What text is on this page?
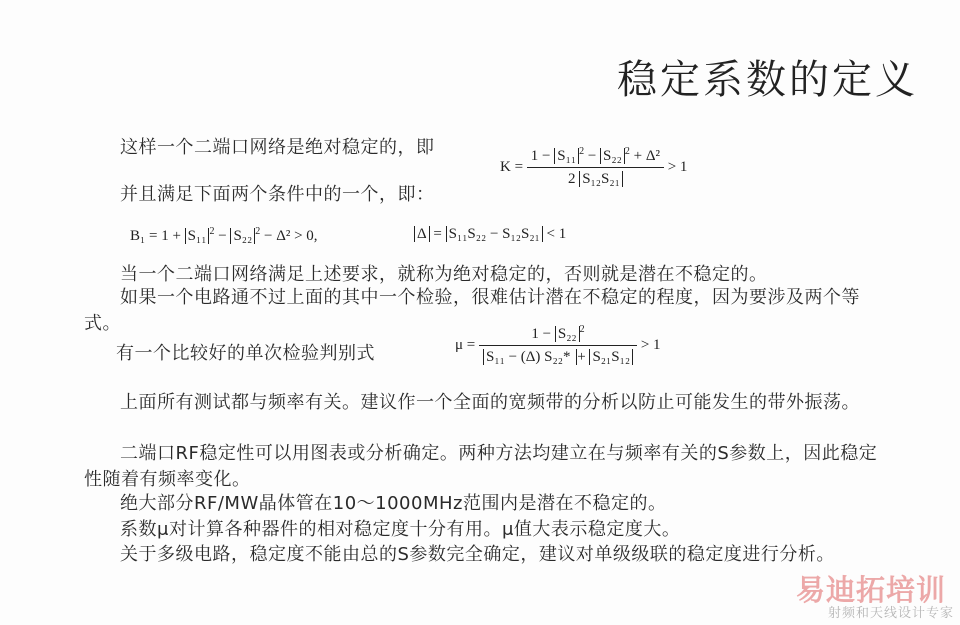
稳定系数的定义
这样一个二端口网络是绝对稳定的，即
$K = \frac{1 - S_{11} ^2 - S_{22} ^2 + \Delta^2}{\text{2 S₁₂S₂₁}} > 1$
并且满足下面两个条件中的一个，即：
B₁ = 1 + S₁₁ $^2$ − S₂₂ $^2$ − Δ² > 0,	Δ = S₁₁S₂₂ − S₁₂S₂₁ < 1
当一个二端口网络满足上述要求，就称为绝对稳定的，否则就是潜在不稳定的。
如果一个电路通不过上面的其中一个检验，很难估计潜在不稳定的程度，因为要涉及两个等式。
有一个比较好的单次检验判别式	μ =
1 − S₂₂ $^2$
S₁₁ − (Δ) S₂₂* + S₂₁S₁₂
> 1
上面所有测试都与频率有关。建议作一个全面的宽频带的分析以防止可能发生的带外振荡。
二端口RF稳定性可以用图表或分析确定。两种方法均建立在与频率有关的S参数上，因此稳定性随着有频率变化。
绝大部分RF/MW晶体管在10～1000MHz范围内是潜在不稳定的。
系数μ对计算各种器件的相对稳定度十分有用。μ值大表示稳定度大。
关于多级电路，稳定度不能由总的S参数完全确定，建议对单级级联的稳定度进行分析。
易迪拓培训
射频和天线设计专家
